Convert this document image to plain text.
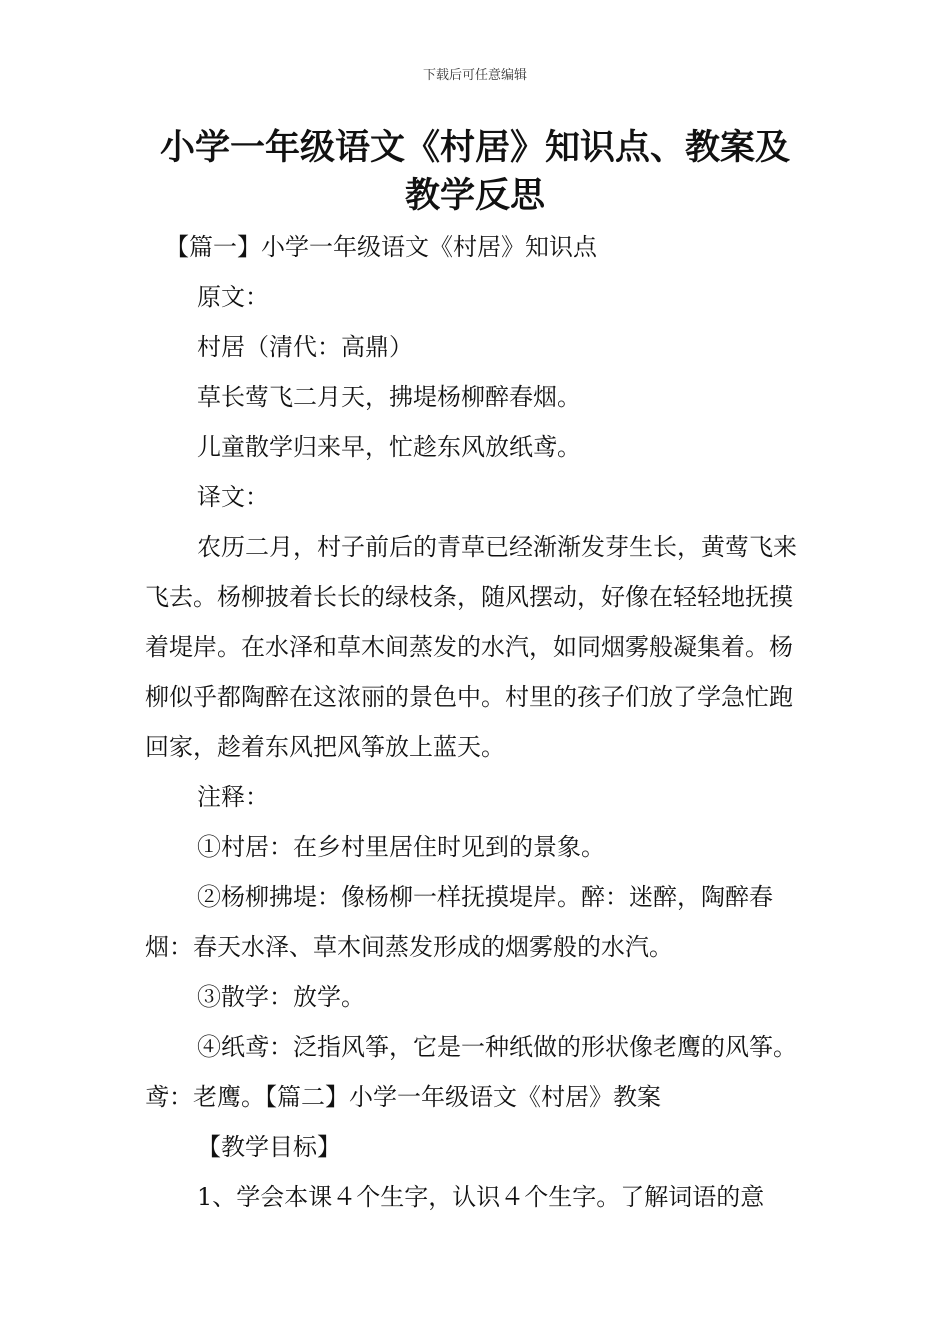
下载后可任意编辑
小学一年级语文《村居》知识点、教案及
教学反思

【篇一】小学一年级语文《村居》知识点

原文：

村居（清代：高鼎）

草长莺飞二月天，拂堤杨柳醉春烟。

儿童散学归来早，忙趁东风放纸鸢。

译文：

农历二月，村子前后的青草已经渐渐发芽生长，黄莺飞来飞去。杨柳披着长长的绿枝条，随风摆动，好像在轻轻地抚摸着堤岸。在水泽和草木间蒸发的水汽，如同烟雾般凝集着。杨柳似乎都陶醉在这浓丽的景色中。村里的孩子们放了学急忙跑回家，趁着东风把风筝放上蓝天。

注释：

①村居：在乡村里居住时见到的景象。

②杨柳拂堤：像杨柳一样抚摸堤岸。醉：迷醉，陶醉春烟：春天水泽、草木间蒸发形成的烟雾般的水汽。

③散学：放学。

④纸鸢：泛指风筝，它是一种纸做的形状像老鹰的风筝。鸢：老鹰。【篇二】小学一年级语文《村居》教案

【教学目标】

1、学会本课４个生字，认识４个生字。了解词语的意
